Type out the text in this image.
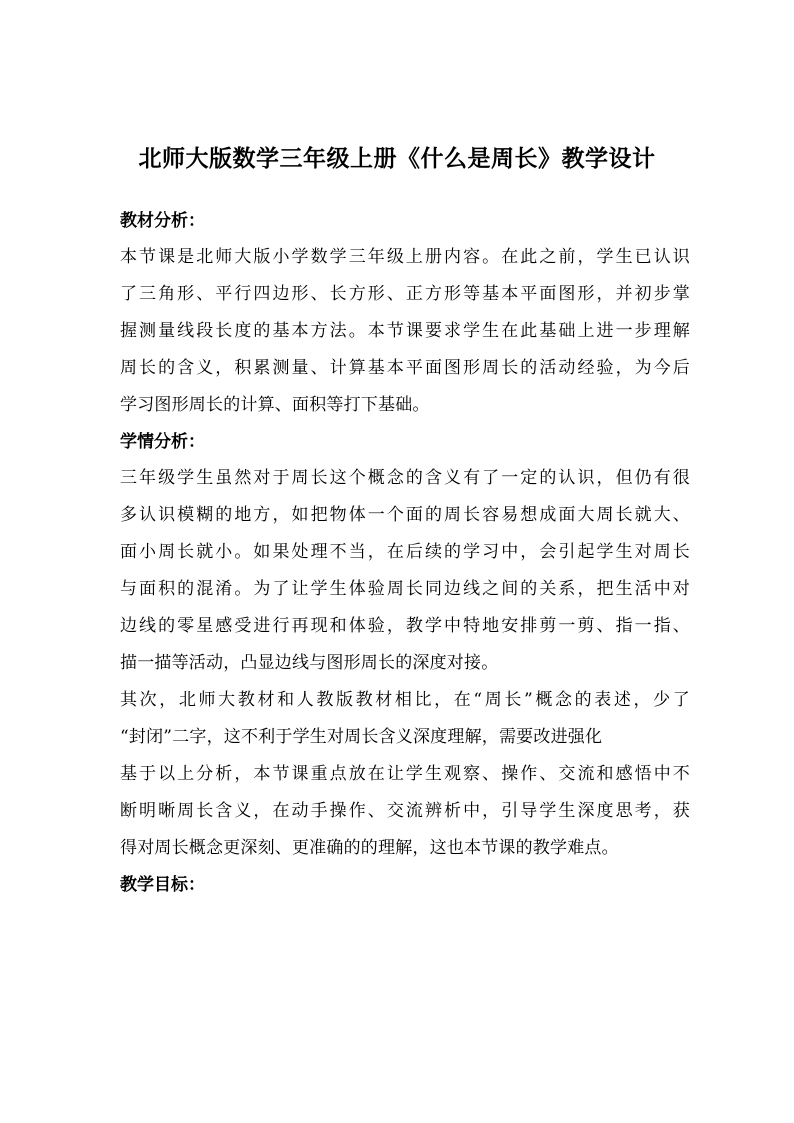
北师大版数学三年级上册《什么是周长》教学设计
教材分析：
本节课是北师大版小学数学三年级上册内容。在此之前，学生已认识
了三角形、平行四边形、长方形、正方形等基本平面图形，并初步掌
握测量线段长度的基本方法。本节课要求学生在此基础上进一步理解
周长的含义，积累测量、计算基本平面图形周长的活动经验，为今后
学习图形周长的计算、面积等打下基础。
学情分析：
三年级学生虽然对于周长这个概念的含义有了一定的认识，但仍有很
多认识模糊的地方，如把物体一个面的周长容易想成面大周长就大、
面小周长就小。如果处理不当，在后续的学习中，会引起学生对周长
与面积的混淆。为了让学生体验周长同边线之间的关系，把生活中对
边线的零星感受进行再现和体验，教学中特地安排剪一剪、指一指、
描一描等活动，凸显边线与图形周长的深度对接。
其次，北师大教材和人教版教材相比，在“周长”概念的表述，少了
“封闭”二字，这不利于学生对周长含义深度理解，需要改进强化
基于以上分析，本节课重点放在让学生观察、操作、交流和感悟中不
断明晰周长含义，在动手操作、交流辨析中，引导学生深度思考，获
得对周长概念更深刻、更准确的的理解，这也本节课的教学难点。
教学目标：
